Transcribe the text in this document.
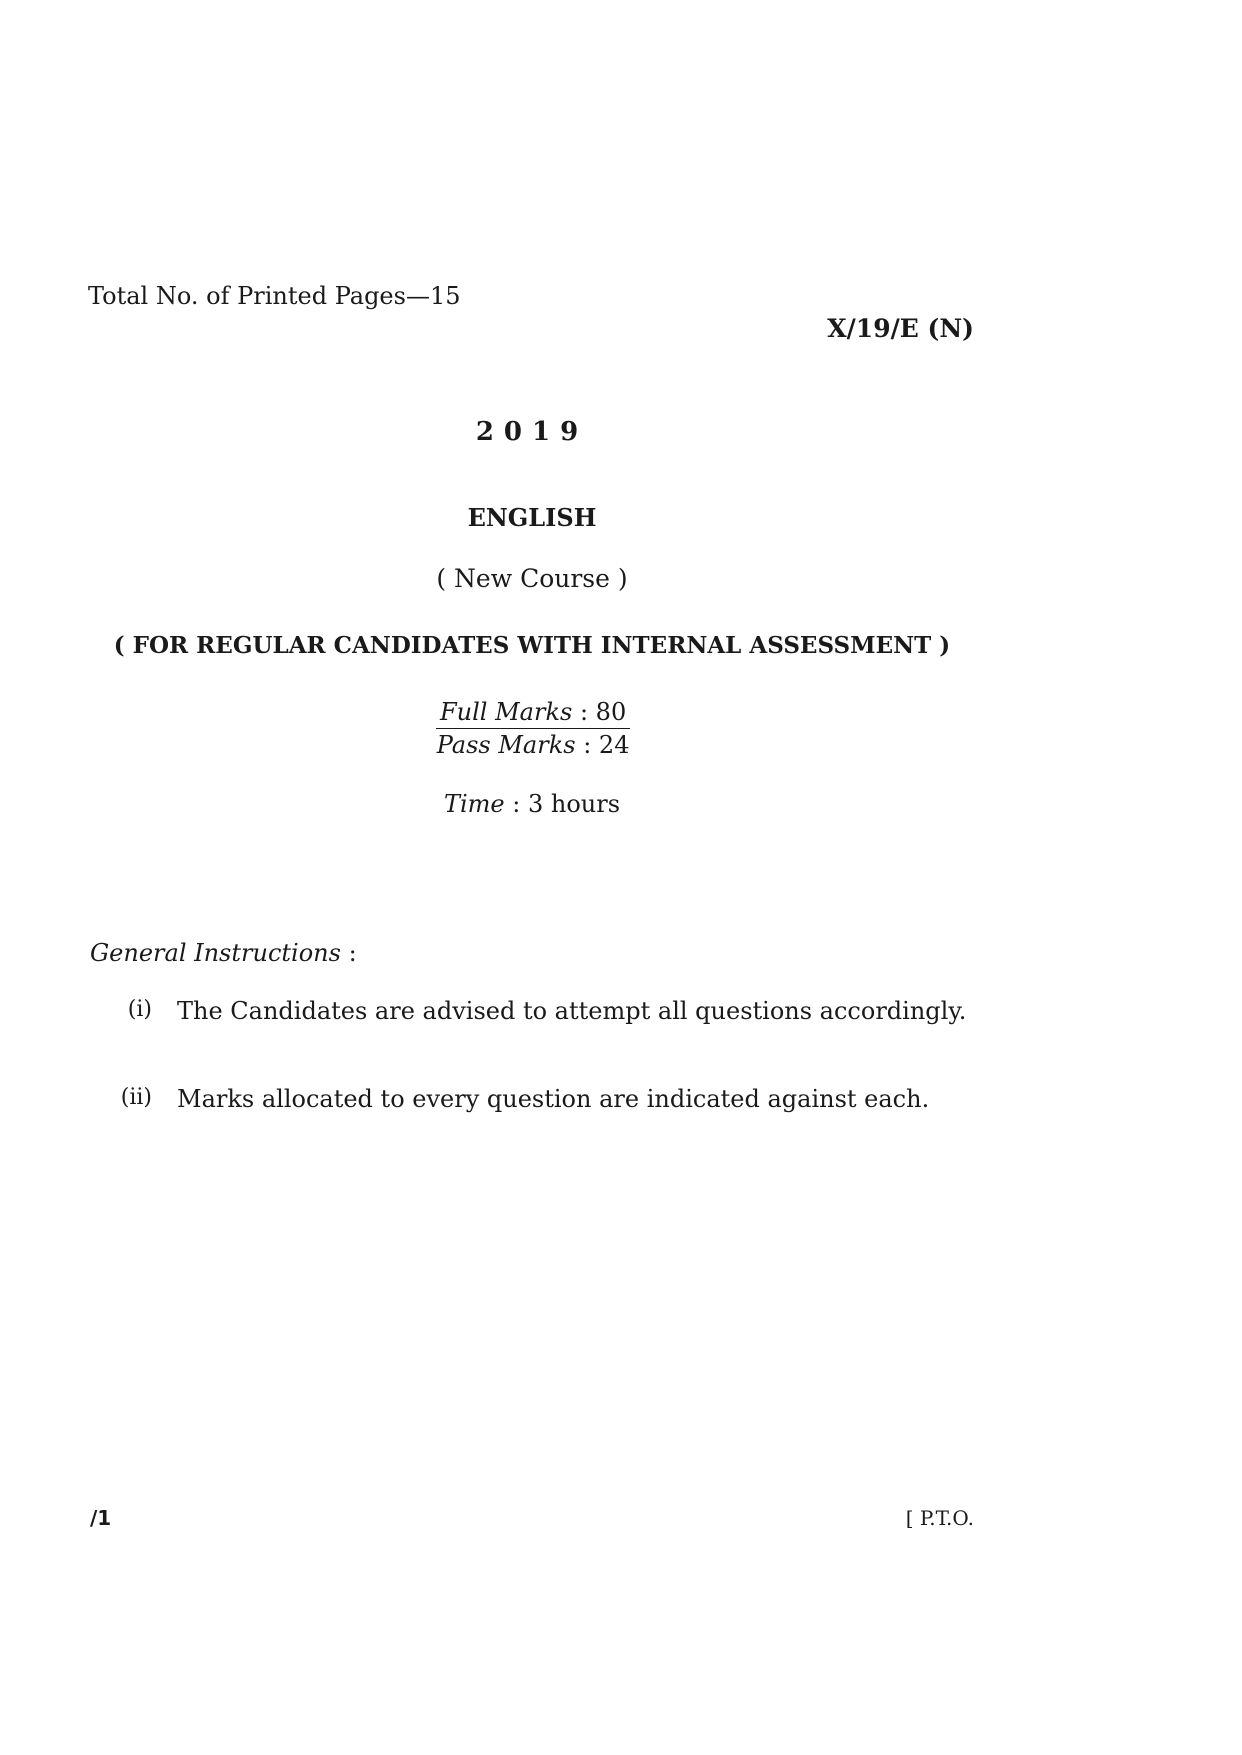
Total No. of Printed Pages—15
X/19/E (N)
2019
ENGLISH
( New Course )
( FOR REGULAR CANDIDATES WITH INTERNAL ASSESSMENT )
Full Marks : 80
Pass Marks : 24
Time : 3 hours
General Instructions :
(i) The Candidates are advised to attempt all questions accordingly.
(ii) Marks allocated to every question are indicated against each.
/1	[ P.T.O.
